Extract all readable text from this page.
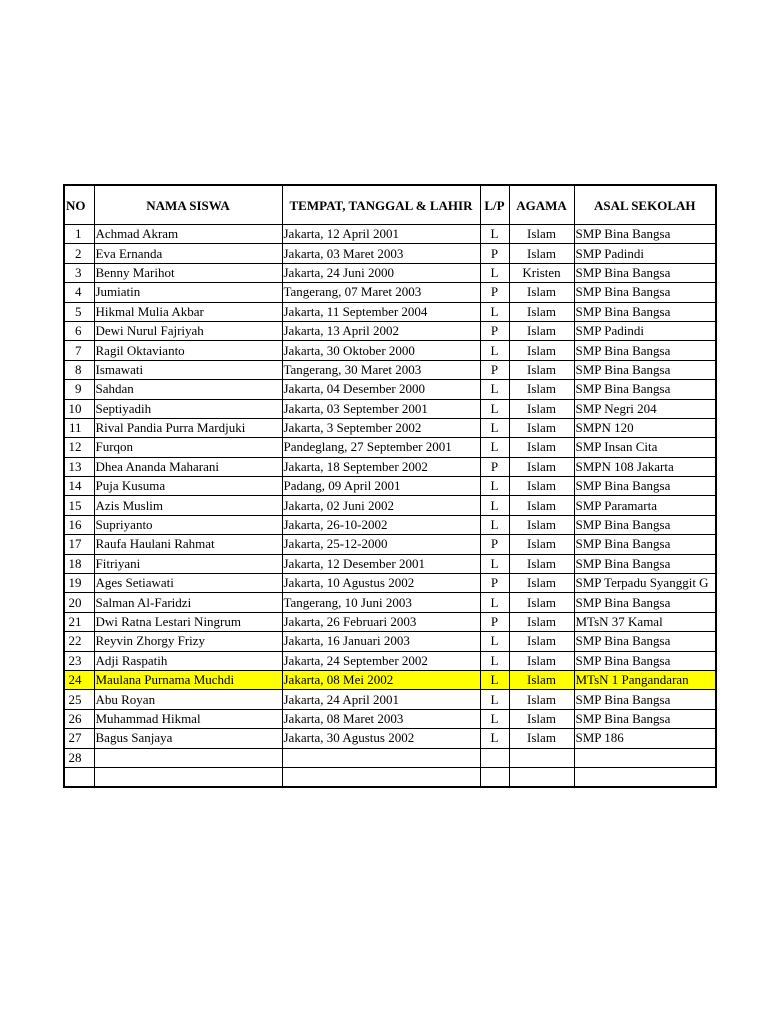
NO	NAMA SISWA	TEMPAT, TANGGAL & LAHIR	L/P	AGAMA	ASAL SEKOLAH
1	Achmad Akram	Jakarta, 12 April 2001	L	Islam	SMP Bina Bangsa
2	Eva Ernanda	Jakarta, 03 Maret 2003	P	Islam	SMP Padindi
3	Benny Marihot	Jakarta, 24 Juni 2000	L	Kristen	SMP Bina Bangsa
4	Jumiatin	Tangerang, 07 Maret 2003	P	Islam	SMP Bina Bangsa
5	Hikmal Mulia Akbar	Jakarta, 11 September 2004	L	Islam	SMP Bina Bangsa
6	Dewi Nurul Fajriyah	Jakarta, 13 April 2002	P	Islam	SMP Padindi
7	Ragil Oktavianto	Jakarta, 30 Oktober 2000	L	Islam	SMP Bina Bangsa
8	Ismawati	Tangerang, 30 Maret 2003	P	Islam	SMP Bina Bangsa
9	Sahdan	Jakarta, 04 Desember 2000	L	Islam	SMP Bina Bangsa
10	Septiyadih	Jakarta, 03 September 2001	L	Islam	SMP Negri 204
11	Rival Pandia Purra Mardjuki	Jakarta, 3 September 2002	L	Islam	SMPN 120
12	Furqon	Pandeglang, 27 September 2001	L	Islam	SMP Insan Cita
13	Dhea Ananda Maharani	Jakarta, 18 September 2002	P	Islam	SMPN 108 Jakarta
14	Puja Kusuma	Padang, 09 April 2001	L	Islam	SMP Bina Bangsa
15	Azis Muslim	Jakarta, 02 Juni 2002	L	Islam	SMP Paramarta
16	Supriyanto	Jakarta, 26-10-2002	L	Islam	SMP Bina Bangsa
17	Raufa Haulani Rahmat	Jakarta, 25-12-2000	P	Islam	SMP Bina Bangsa
18	Fitriyani	Jakarta, 12 Desember 2001	L	Islam	SMP Bina Bangsa
19	Ages Setiawati	Jakarta, 10 Agustus 2002	P	Islam	SMP Terpadu Syanggit G
20	Salman Al-Faridzi	Tangerang, 10 Juni 2003	L	Islam	SMP Bina Bangsa
21	Dwi Ratna Lestari Ningrum	Jakarta, 26 Februari 2003	P	Islam	MTsN 37 Kamal
22	Reyvin Zhorgy Frizy	Jakarta, 16 Januari 2003	L	Islam	SMP Bina Bangsa
23	Adji Raspatih	Jakarta, 24 September 2002	L	Islam	SMP Bina Bangsa
24	Maulana Purnama Muchdi	Jakarta, 08 Mei 2002	L	Islam	MTsN 1 Pangandaran
25	Abu Royan	Jakarta, 24 April 2001	L	Islam	SMP Bina Bangsa
26	Muhammad Hikmal	Jakarta, 08 Maret 2003	L	Islam	SMP Bina Bangsa
27	Bagus Sanjaya	Jakarta, 30 Agustus 2002	L	Islam	SMP 186
28					
